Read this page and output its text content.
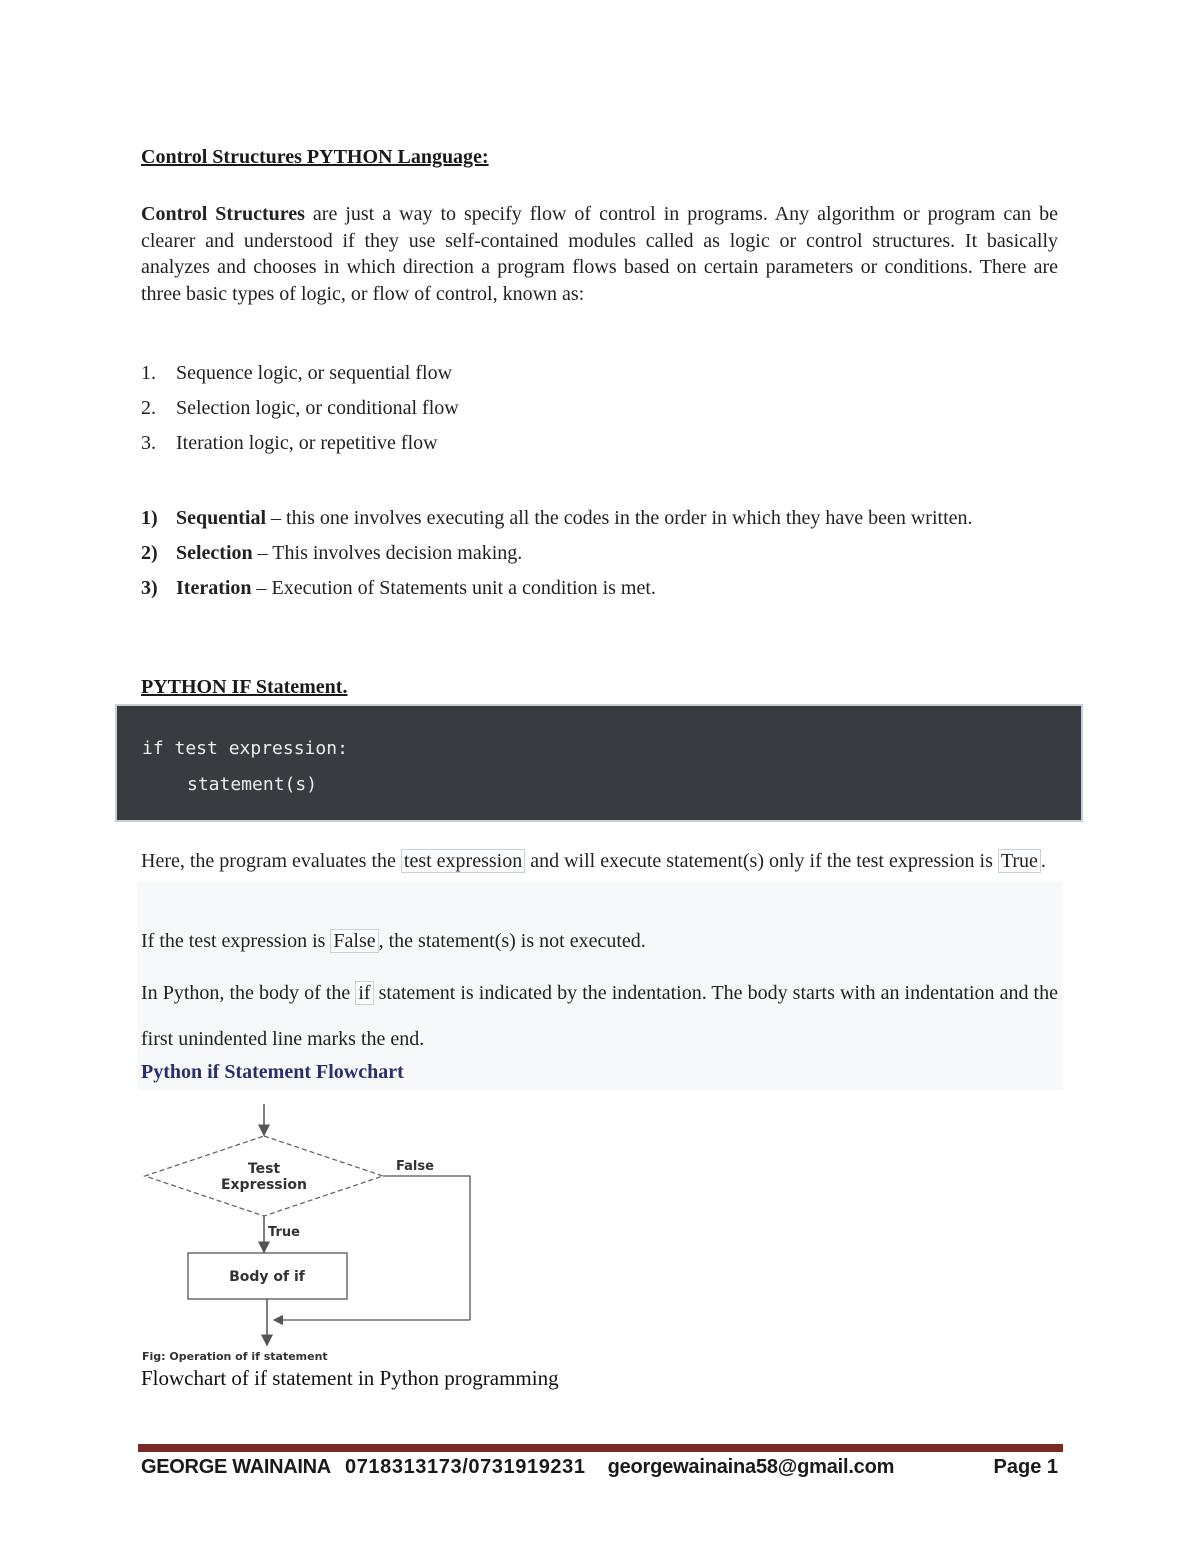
Control Structures PYTHON Language:

Control Structures are just a way to specify flow of control in programs. Any algorithm or program can be clearer and understood if they use self-contained modules called as logic or control structures. It basically analyzes and chooses in which direction a program flows based on certain parameters or conditions. There are three basic types of logic, or flow of control, known as:

1. Sequence logic, or sequential flow
2. Selection logic, or conditional flow
3. Iteration logic, or repetitive flow
1) Sequential – this one involves executing all the codes in the order in which they have been written.
2) Selection – This involves decision making.
3) Iteration – Execution of Statements unit a condition is met.
PYTHON IF Statement.
if test expression:
statement(s)
Here, the program evaluates the test expression and will execute statement(s) only if the test expression is True .
If the test expression is False , the statement(s) is not executed.
In Python, the body of the if statement is indicated by the indentation. The body starts with an indentation and the first unindented line marks the end.
Python if Statement Flowchart
Test
Expression
False
True
Body of if
Fig: Operation of if statement
Flowchart of if statement in Python programming
GEORGE WAINAINA 0718313173/0731919231 georgewainaina58@gmail.com	Page 1
